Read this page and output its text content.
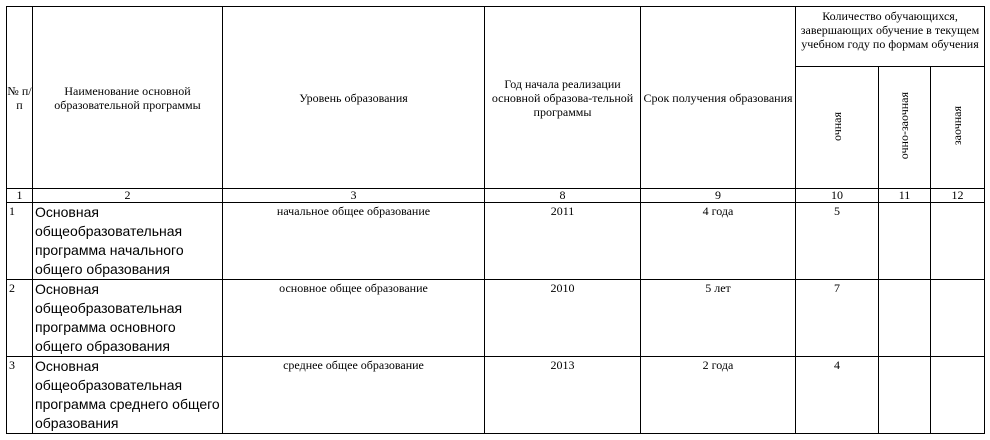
№ п/п	Наименование основной образовательной программы	Уровень образования	Год начала реализации основной образова-тельной программы	Срок получения образования	Количество обучающихся, завершающих обучение в текущем учебном году по формам обучения		
					очная	очно-заочная	заочная
1	2	3	8	9	10	11	12
1	Основная общеобразовательная программа начального общего образования	начальное общее образование	2011	4 года	5		
2	Основная общеобразовательная программа основного общего образования	основное общее образование	2010	5 лет	7		
3	Основная общеобразовательная программа среднего общего образования	среднее общее образование	2013	2 года	4		
